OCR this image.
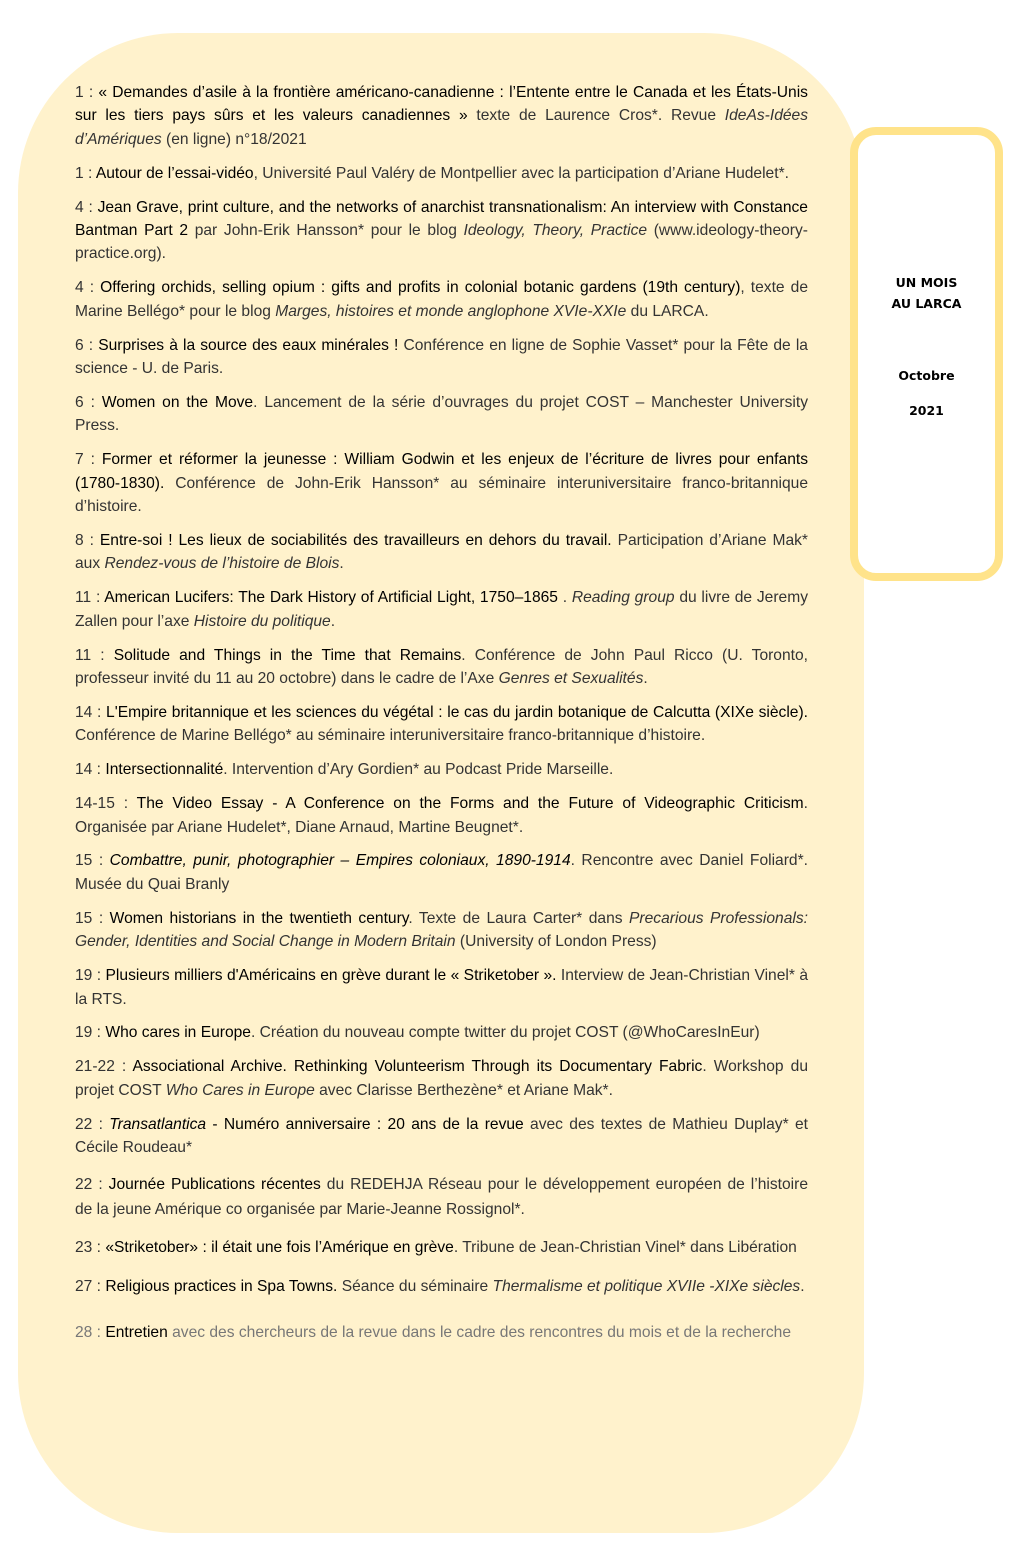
1 : « Demandes d’asile à la frontière américano-canadienne : l’Entente entre le Canada et les États-Unis sur les tiers pays sûrs et les valeurs canadiennes » texte de Laurence Cros*. Revue IdeAs-Idées d’Amériques (en ligne) n°18/2021

1 : Autour de l’essai-vidéo, Université Paul Valéry de Montpellier avec la participation d’Ariane Hudelet*.

4 : Jean Grave, print culture, and the networks of anarchist transnationalism: An interview with Constance Bantman Part 2 par John-Erik Hansson* pour le blog Ideology, Theory, Practice (www.ideology-theory-practice.org).

4 : Offering orchids, selling opium : gifts and profits in colonial botanic gardens (19th century), texte de Marine Bellégo* pour le blog Marges, histoires et monde anglophone XVIe-XXIe du LARCA.

6 : Surprises à la source des eaux minérales ! Conférence en ligne de Sophie Vasset* pour la Fête de la science - U. de Paris.

6 : Women on the Move. Lancement de la série d’ouvrages du projet COST – Manchester University Press.

7 : Former et réformer la jeunesse : William Godwin et les enjeux de l’écriture de livres pour enfants (1780-1830). Conférence de John-Erik Hansson* au séminaire interuniversitaire franco-britannique d’histoire.

8 : Entre-soi ! Les lieux de sociabilités des travailleurs en dehors du travail. Participation d’Ariane Mak* aux Rendez-vous de l’histoire de Blois.

11 : American Lucifers: The Dark History of Artificial Light, 1750–1865 . Reading group du livre de Jeremy Zallen pour l’axe Histoire du politique.

11 : Solitude and Things in the Time that Remains. Conférence de John Paul Ricco (U. Toronto, professeur invité du 11 au 20 octobre) dans le cadre de l’Axe Genres et Sexualités.

14 : L'Empire britannique et les sciences du végétal : le cas du jardin botanique de Calcutta (XIXe siècle). Conférence de Marine Bellégo* au séminaire interuniversitaire franco-britannique d’histoire.

14 : Intersectionnalité. Intervention d’Ary Gordien* au Podcast Pride Marseille.

14-15 : The Video Essay - A Conference on the Forms and the Future of Videographic Criticism. Organisée par Ariane Hudelet*, Diane Arnaud, Martine Beugnet*.

15 : Combattre, punir, photographier – Empires coloniaux, 1890-1914. Rencontre avec Daniel Foliard*. Musée du Quai Branly

15 : Women historians in the twentieth century. Texte de Laura Carter* dans Precarious Professionals: Gender, Identities and Social Change in Modern Britain (University of London Press)

19 : Plusieurs milliers d'Américains en grève durant le « Striketober ». Interview de Jean-Christian Vinel* à la RTS.

19 : Who cares in Europe. Création du nouveau compte twitter du projet COST (@WhoCaresInEur)

21-22 : Associational Archive. Rethinking Volunteerism Through its Documentary Fabric. Workshop du projet COST Who Cares in Europe avec Clarisse Berthezène* et Ariane Mak*.

22 : Transatlantica - Numéro anniversaire : 20 ans de la revue avec des textes de Mathieu Duplay* et Cécile Roudeau*

22 : Journée Publications récentes du REDEHJA Réseau pour le développement européen de l’histoire de la jeune Amérique co organisée par Marie-Jeanne Rossignol*.

23 : «Striketober» : il était une fois l’Amérique en grève. Tribune de Jean-Christian Vinel* dans Libération

27 : Religious practices in Spa Towns. Séance du séminaire Thermalisme et politique XVIIe -XIXe siècles.

28 : Entretien avec des chercheurs de la revue dans le cadre des rencontres du mois et de la recherche

UN MOIS
AU LARCA
Octobre
2021
